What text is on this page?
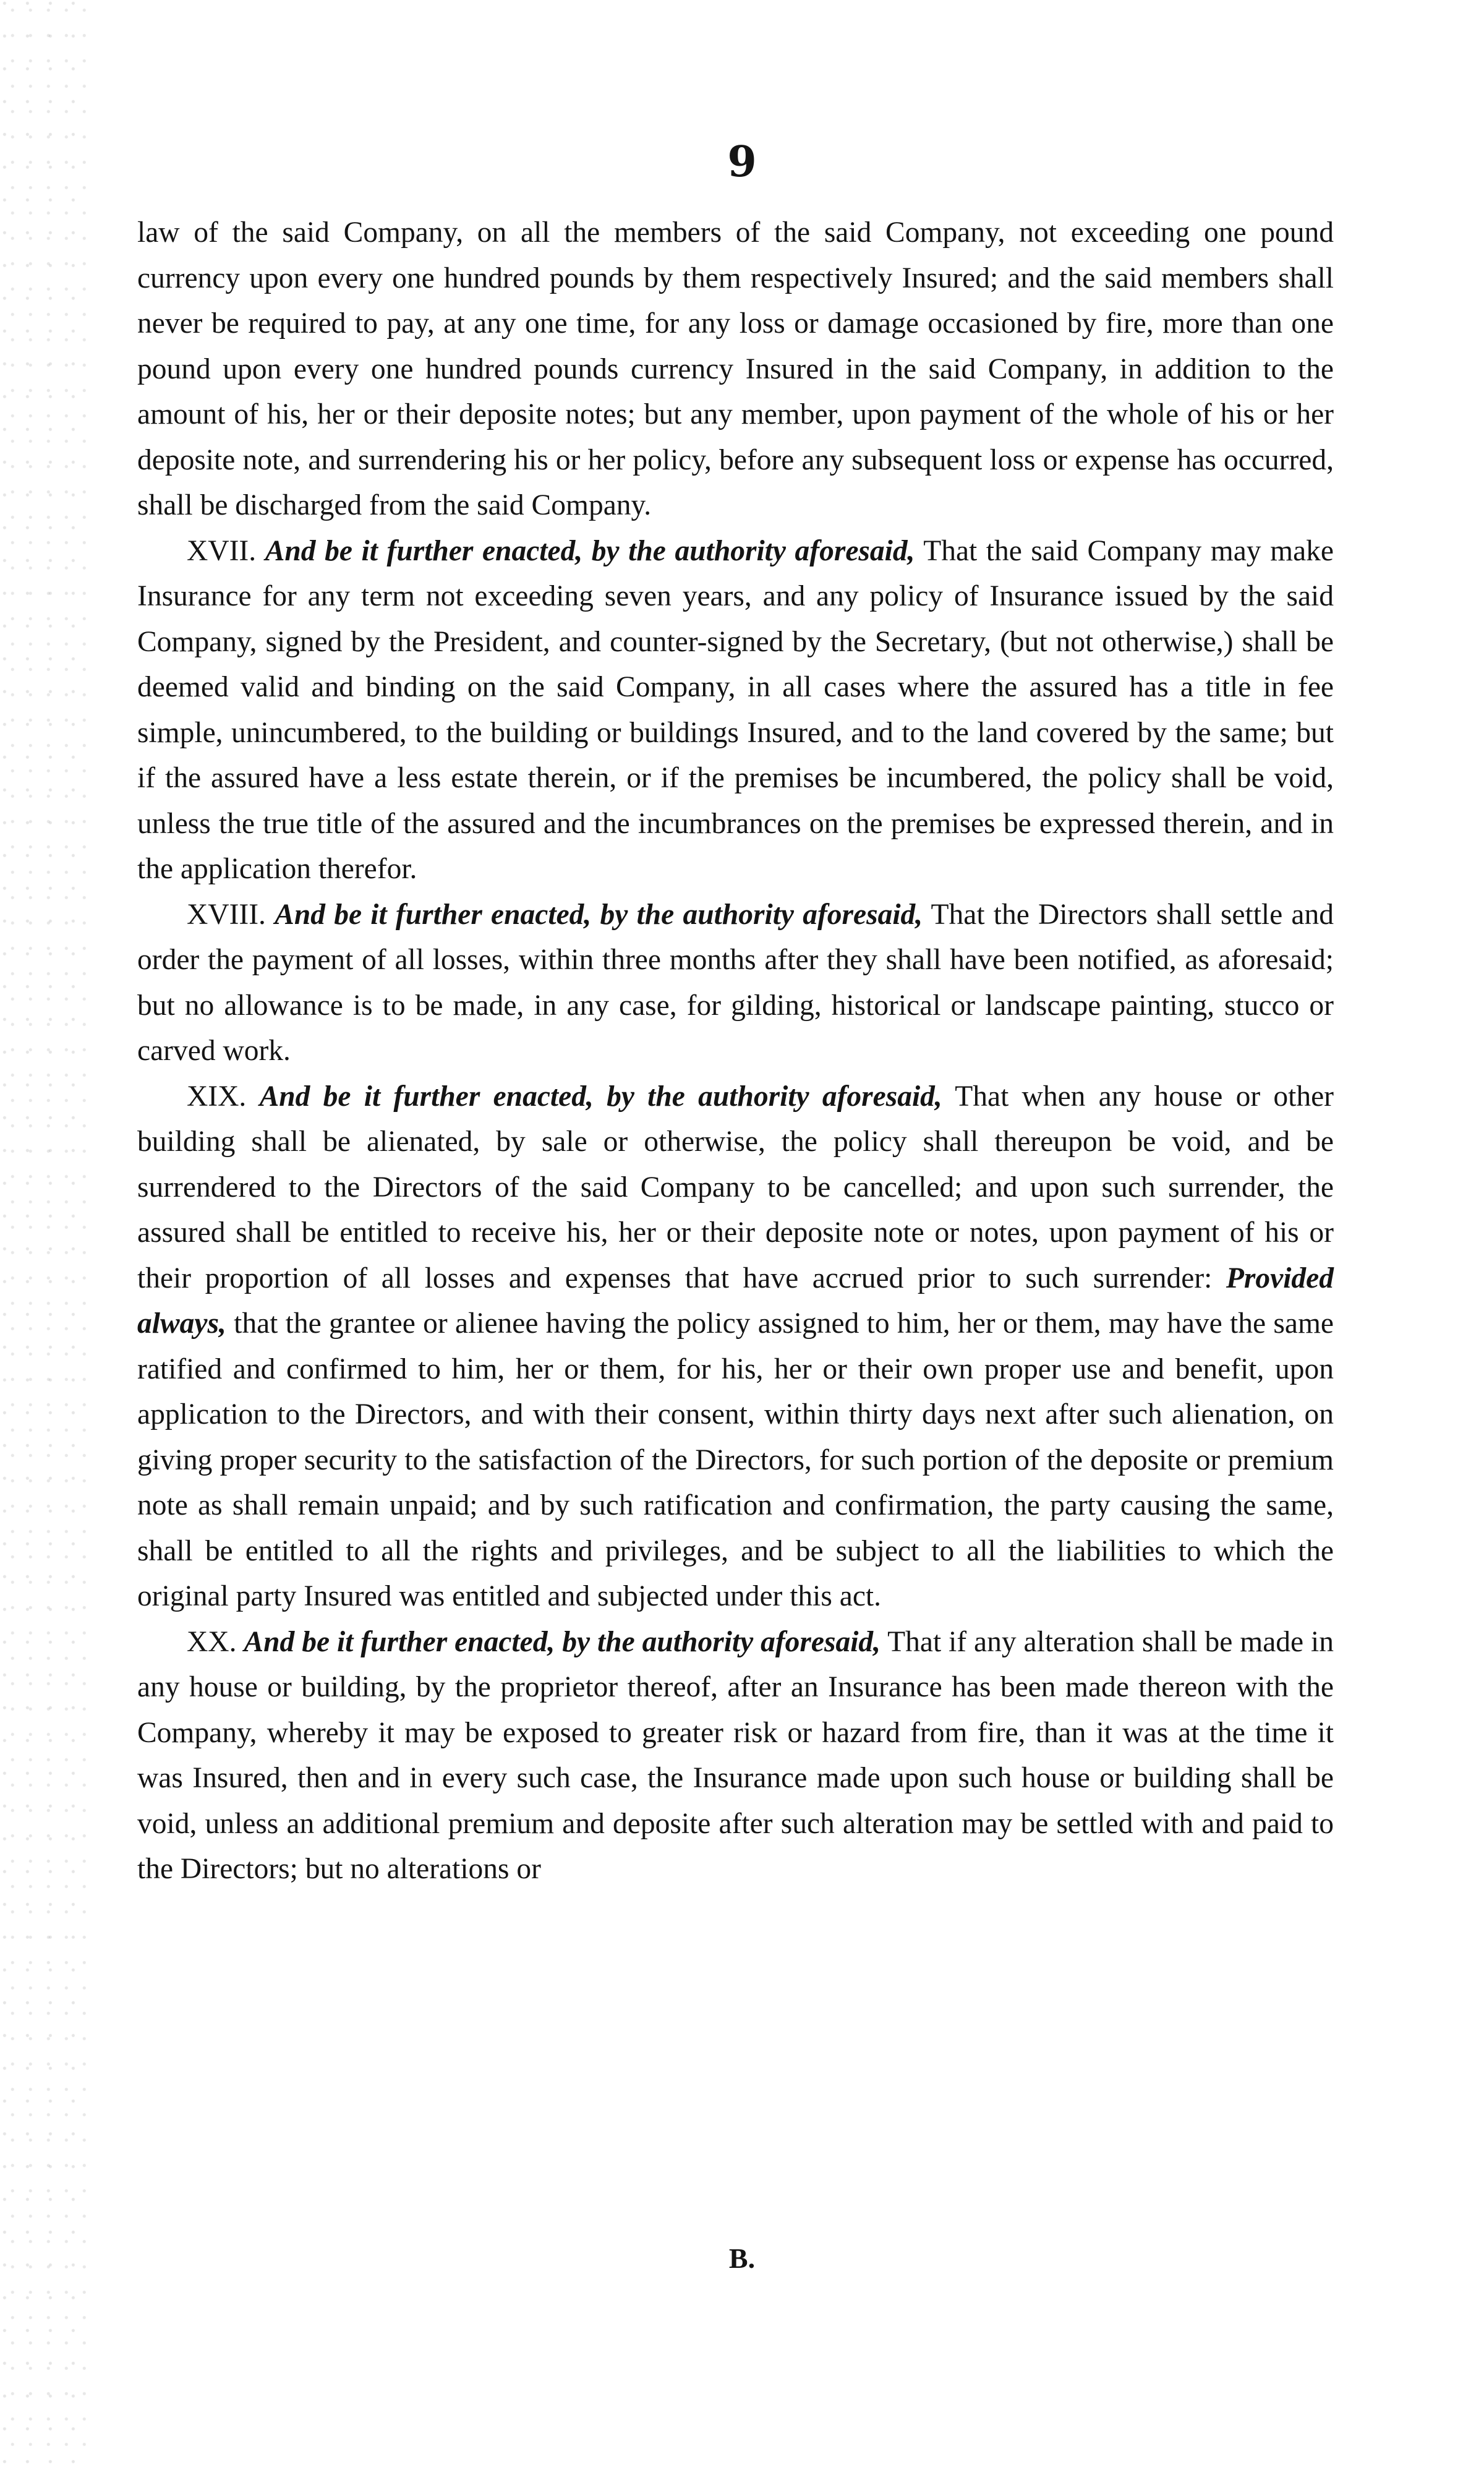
9

law of the said Company, on all the members of the said Company, not exceeding one pound currency upon every one hundred pounds by them respectively Insured; and the said members shall never be required to pay, at any one time, for any loss or damage occasioned by fire, more than one pound upon every one hundred pounds currency Insured in the said Company, in addition to the amount of his, her or their deposite notes; but any member, upon payment of the whole of his or her deposite note, and surrendering his or her policy, before any subsequent loss or expense has occurred, shall be discharged from the said Company.

XVII. And be it further enacted, by the authority aforesaid, That the said Company may make Insurance for any term not exceeding seven years, and any policy of Insurance issued by the said Company, signed by the President, and counter-signed by the Secretary, (but not otherwise,) shall be deemed valid and binding on the said Company, in all cases where the assured has a title in fee simple, unincumbered, to the building or buildings Insured, and to the land covered by the same; but if the assured have a less estate therein, or if the premises be incumbered, the policy shall be void, unless the true title of the assured and the incumbrances on the premises be expressed therein, and in the application therefor.

XVIII. And be it further enacted, by the authority aforesaid, That the Directors shall settle and order the payment of all losses, within three months after they shall have been notified, as aforesaid; but no allowance is to be made, in any case, for gilding, historical or landscape painting, stucco or carved work.

XIX. And be it further enacted, by the authority aforesaid, That when any house or other building shall be alienated, by sale or otherwise, the policy shall thereupon be void, and be surrendered to the Directors of the said Company to be cancelled; and upon such surrender, the assured shall be entitled to receive his, her or their deposite note or notes, upon payment of his or their proportion of all losses and expenses that have accrued prior to such surrender: Provided always, that the grantee or alienee having the policy assigned to him, her or them, may have the same ratified and confirmed to him, her or them, for his, her or their own proper use and benefit, upon application to the Directors, and with their consent, within thirty days next after such alienation, on giving proper security to the satisfaction of the Directors, for such portion of the deposite or premium note as shall remain unpaid; and by such ratification and confirmation, the party causing the same, shall be entitled to all the rights and privileges, and be subject to all the liabilities to which the original party Insured was entitled and subjected under this act.

XX. And be it further enacted, by the authority aforesaid, That if any alteration shall be made in any house or building, by the proprietor thereof, after an Insurance has been made thereon with the Company, whereby it may be exposed to greater risk or hazard from fire, than it was at the time it was Insured, then and in every such case, the Insurance made upon such house or building shall be void, unless an additional premium and deposite after such alteration may be settled with and paid to the Directors; but no alterations or

B.
